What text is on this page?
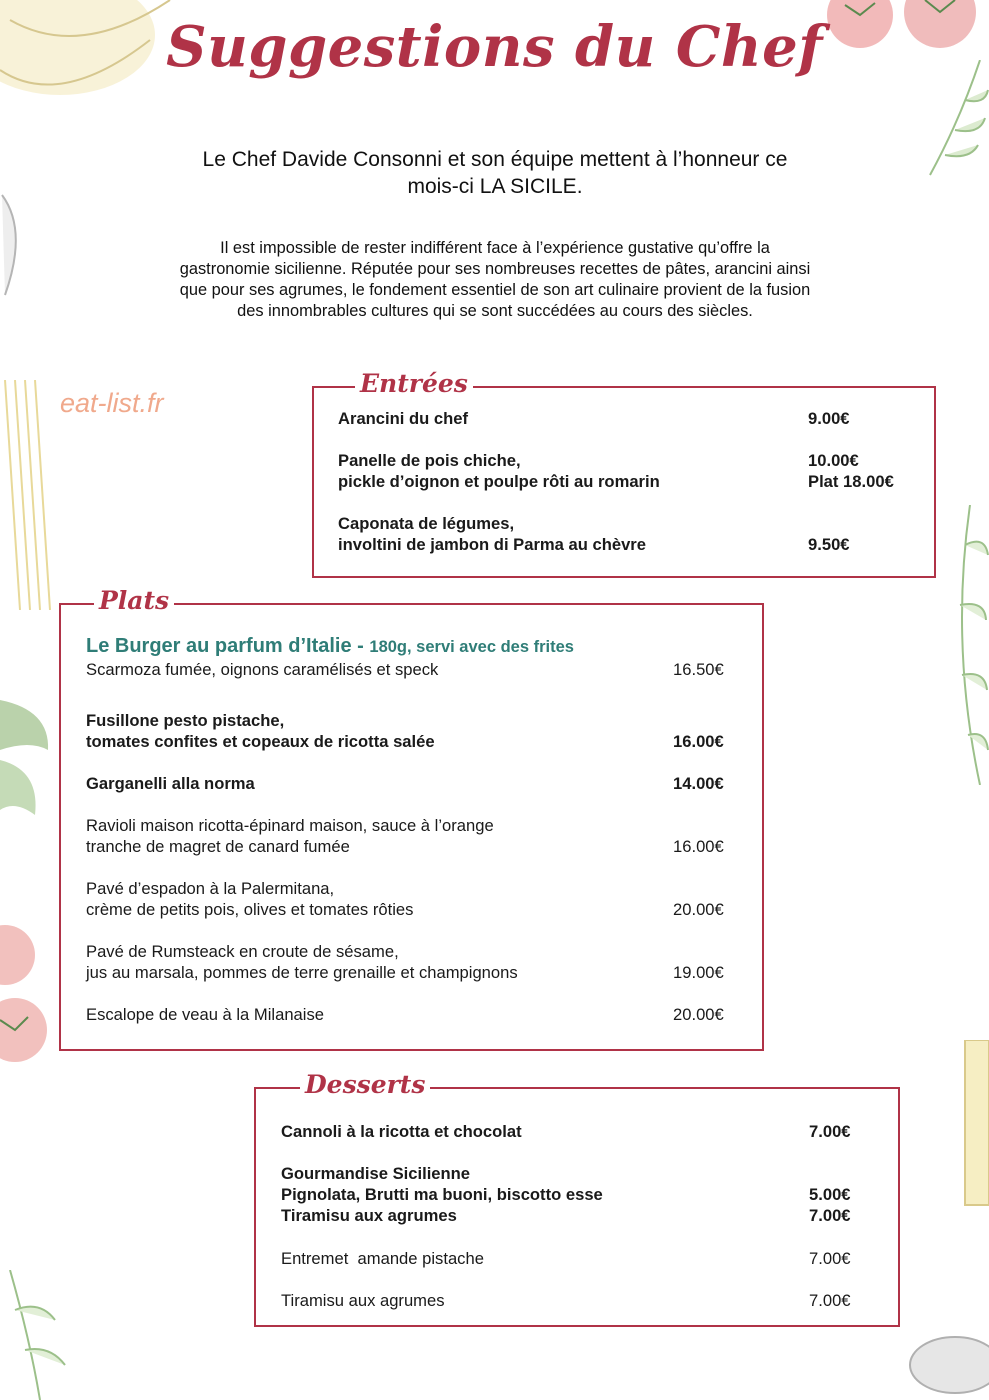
Suggestions du Chef
Le Chef Davide Consonni et son équipe mettent à l’honneur ce
mois-ci LA SICILE.
Il est impossible de rester indifférent face à l’expérience gustative qu’offre la
gastronomie sicilienne. Réputée pour ses nombreuses recettes de pâtes, arancini ainsi
que pour ses agrumes, le fondement essentiel de son art culinaire provient de la fusion
des innombrables cultures qui se sont succédées au cours des siècles.
eat-list.fr
Entrées
Arancini du chef	9.00€
Panelle de pois chiche,	10.00€
pickle d’oignon et poulpe rôti au romarin	Plat 18.00€
Caponata de légumes,
involtini de jambon di Parma au chèvre	9.50€
Plats
Le Burger au parfum d’Italie - 180g, servi avec des frites
Scarmoza fumée, oignons caramélisés et speck	16.50€
Fusillone pesto pistache,
tomates confites et copeaux de ricotta salée	16.00€
Garganelli alla norma	14.00€
Ravioli maison ricotta-épinard maison, sauce à l’orange
tranche de magret de canard fumée	16.00€
Pavé d’espadon à la Palermitana,
crème de petits pois, olives et tomates rôties	20.00€
Pavé de Rumsteack en croute de sésame,
jus au marsala, pommes de terre grenaille et champignons	19.00€
Escalope de veau à la Milanaise	20.00€
Desserts
Cannoli à la ricotta et chocolat	7.00€
Gourmandise Sicilienne
Pignolata, Brutti ma buoni, biscotto esse	5.00€
Tiramisu aux agrumes	7.00€
Entremet  amande pistache	7.00€
Tiramisu aux agrumes	7.00€
